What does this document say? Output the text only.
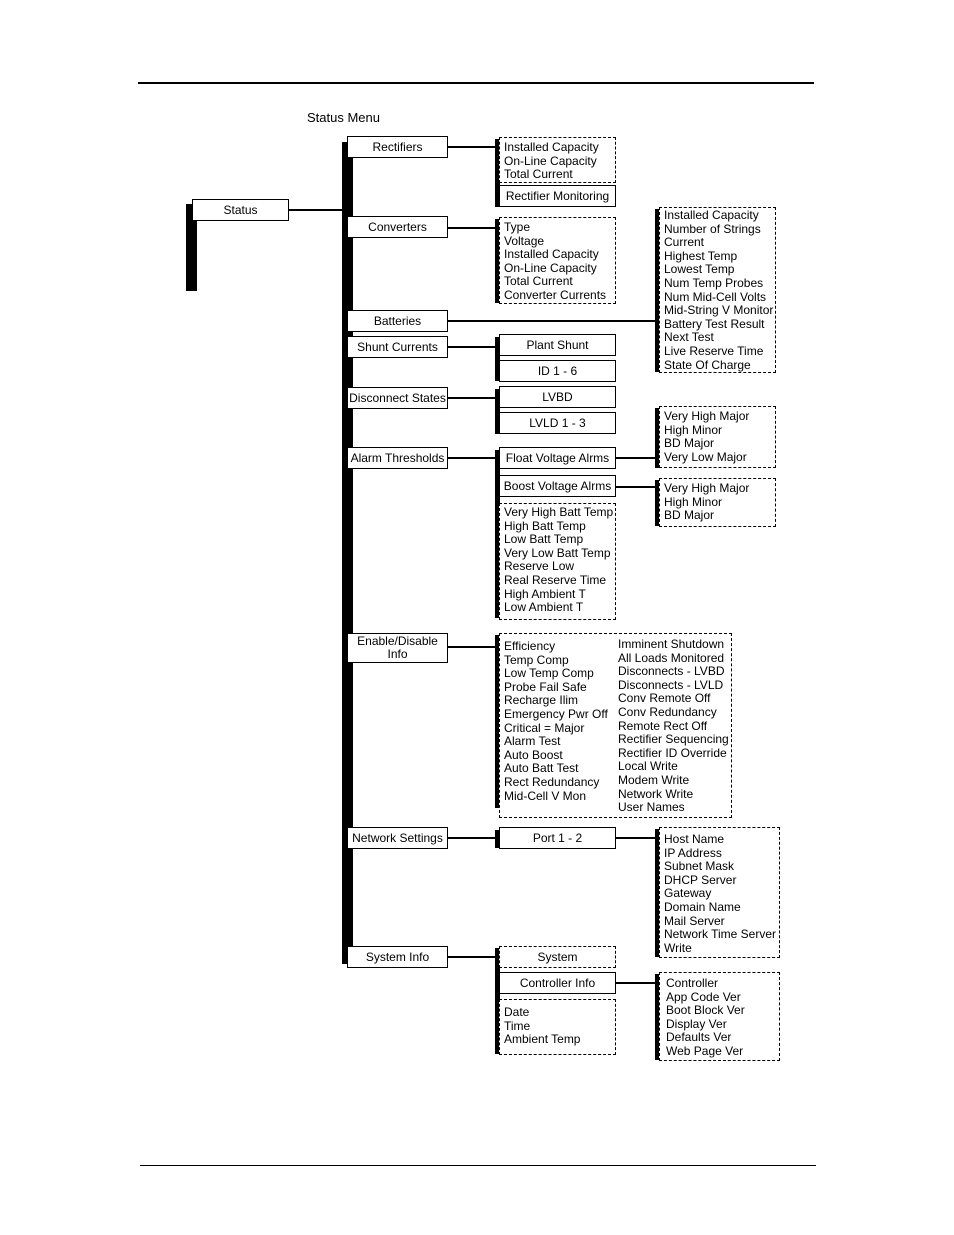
Status Menu
Status
Rectifiers	Installed Capacity
On-Line Capacity
Total Current
Rectifier Monitoring
Converters	Type
Voltage
Installed Capacity
On-Line Capacity
Total Current
Converter Currents
Batteries
Installed Capacity
Number of Strings
Current
Highest Temp
Lowest Temp
Num Temp Probes
Num Mid-Cell Volts
Mid-String V Monitor
Battery Test Result
Next Test
Live Reserve Time
State Of Charge
Shunt Currents	Plant Shunt
ID 1 - 6
Disconnect States	LVBD
LVLD 1 - 3
Alarm Thresholds	Float Voltage Alrms
Very High Major
High Minor
BD Major
Very Low Major
Boost Voltage Alrms	Very High Major
High Minor
BD Major
Very High Batt Temp
High Batt Temp
Low Batt Temp
Very Low Batt Temp
Reserve Low
Real Reserve Time
High Ambient T
Low Ambient T
Enable/Disable
Info
Efficiency
Temp Comp
Low Temp Comp
Probe Fail Safe
Recharge Ilim
Emergency Pwr Off
Critical = Major
Alarm Test
Auto Boost
Auto Batt Test
Rect Redundancy
Mid-Cell V Mon
Imminent Shutdown
All Loads Monitored
Disconnects - LVBD
Disconnects - LVLD
Conv Remote Off
Conv Redundancy
Remote Rect Off
Rectifier Sequencing
Rectifier ID Override
Local Write
Modem Write
Network Write
User Names
Network Settings	Port 1 - 2	Host Name
IP Address
Subnet Mask
DHCP Server
Gateway
Domain Name
Mail Server
Network Time Server
Write
System Info	System
Controller Info	Controller
App Code Ver
Boot Block Ver
Display Ver
Defaults Ver
Web Page Ver
Date
Time
Ambient Temp
